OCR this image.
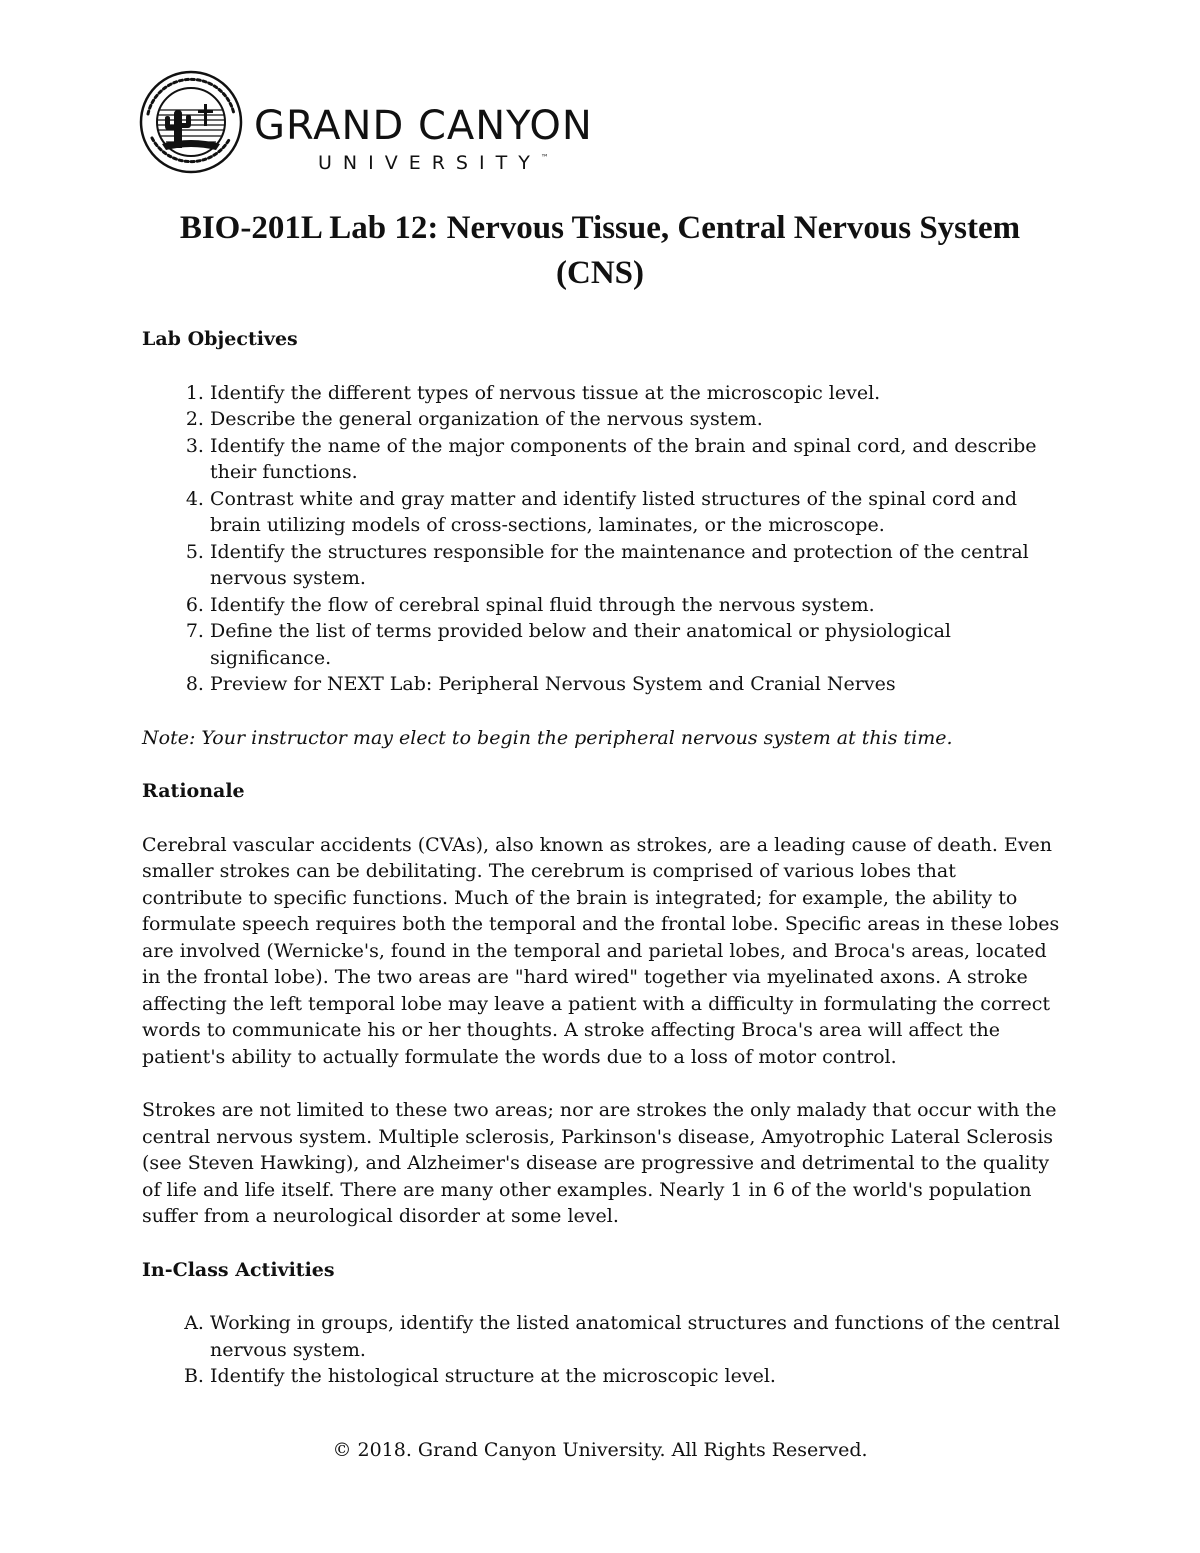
GRAND CANYON
UNIVERSITY™
BIO-201L Lab 12: Nervous Tissue, Central Nervous System
(CNS)
Lab Objectives
1. Identify the different types of nervous tissue at the microscopic level.
2. Describe the general organization of the nervous system.
3. Identify the name of the major components of the brain and spinal cord, and describe their functions.
4. Contrast white and gray matter and identify listed structures of the spinal cord and brain utilizing models of cross-sections, laminates, or the microscope.
5. Identify the structures responsible for the maintenance and protection of the central nervous system.
6. Identify the flow of cerebral spinal fluid through the nervous system.
7. Define the list of terms provided below and their anatomical or physiological significance.
8. Preview for NEXT Lab: Peripheral Nervous System and Cranial Nerves

Note: Your instructor may elect to begin the peripheral nervous system at this time.

Rationale

Cerebral vascular accidents (CVAs), also known as strokes, are a leading cause of death. Even smaller strokes can be debilitating. The cerebrum is comprised of various lobes that contribute to specific functions. Much of the brain is integrated; for example, the ability to formulate speech requires both the temporal and the frontal lobe. Specific areas in these lobes are involved (Wernicke's, found in the temporal and parietal lobes, and Broca's areas, located in the frontal lobe). The two areas are "hard wired" together via myelinated axons. A stroke affecting the left temporal lobe may leave a patient with a difficulty in formulating the correct words to communicate his or her thoughts. A stroke affecting Broca's area will affect the patient's ability to actually formulate the words due to a loss of motor control.

Strokes are not limited to these two areas; nor are strokes the only malady that occur with the central nervous system. Multiple sclerosis, Parkinson's disease, Amyotrophic Lateral Sclerosis (see Steven Hawking), and Alzheimer's disease are progressive and detrimental to the quality of life and life itself. There are many other examples. Nearly 1 in 6 of the world's population suffer from a neurological disorder at some level.

In-Class Activities
A. Working in groups, identify the listed anatomical structures and functions of the central nervous system.
B. Identify the histological structure at the microscopic level.
© 2018. Grand Canyon University. All Rights Reserved.
